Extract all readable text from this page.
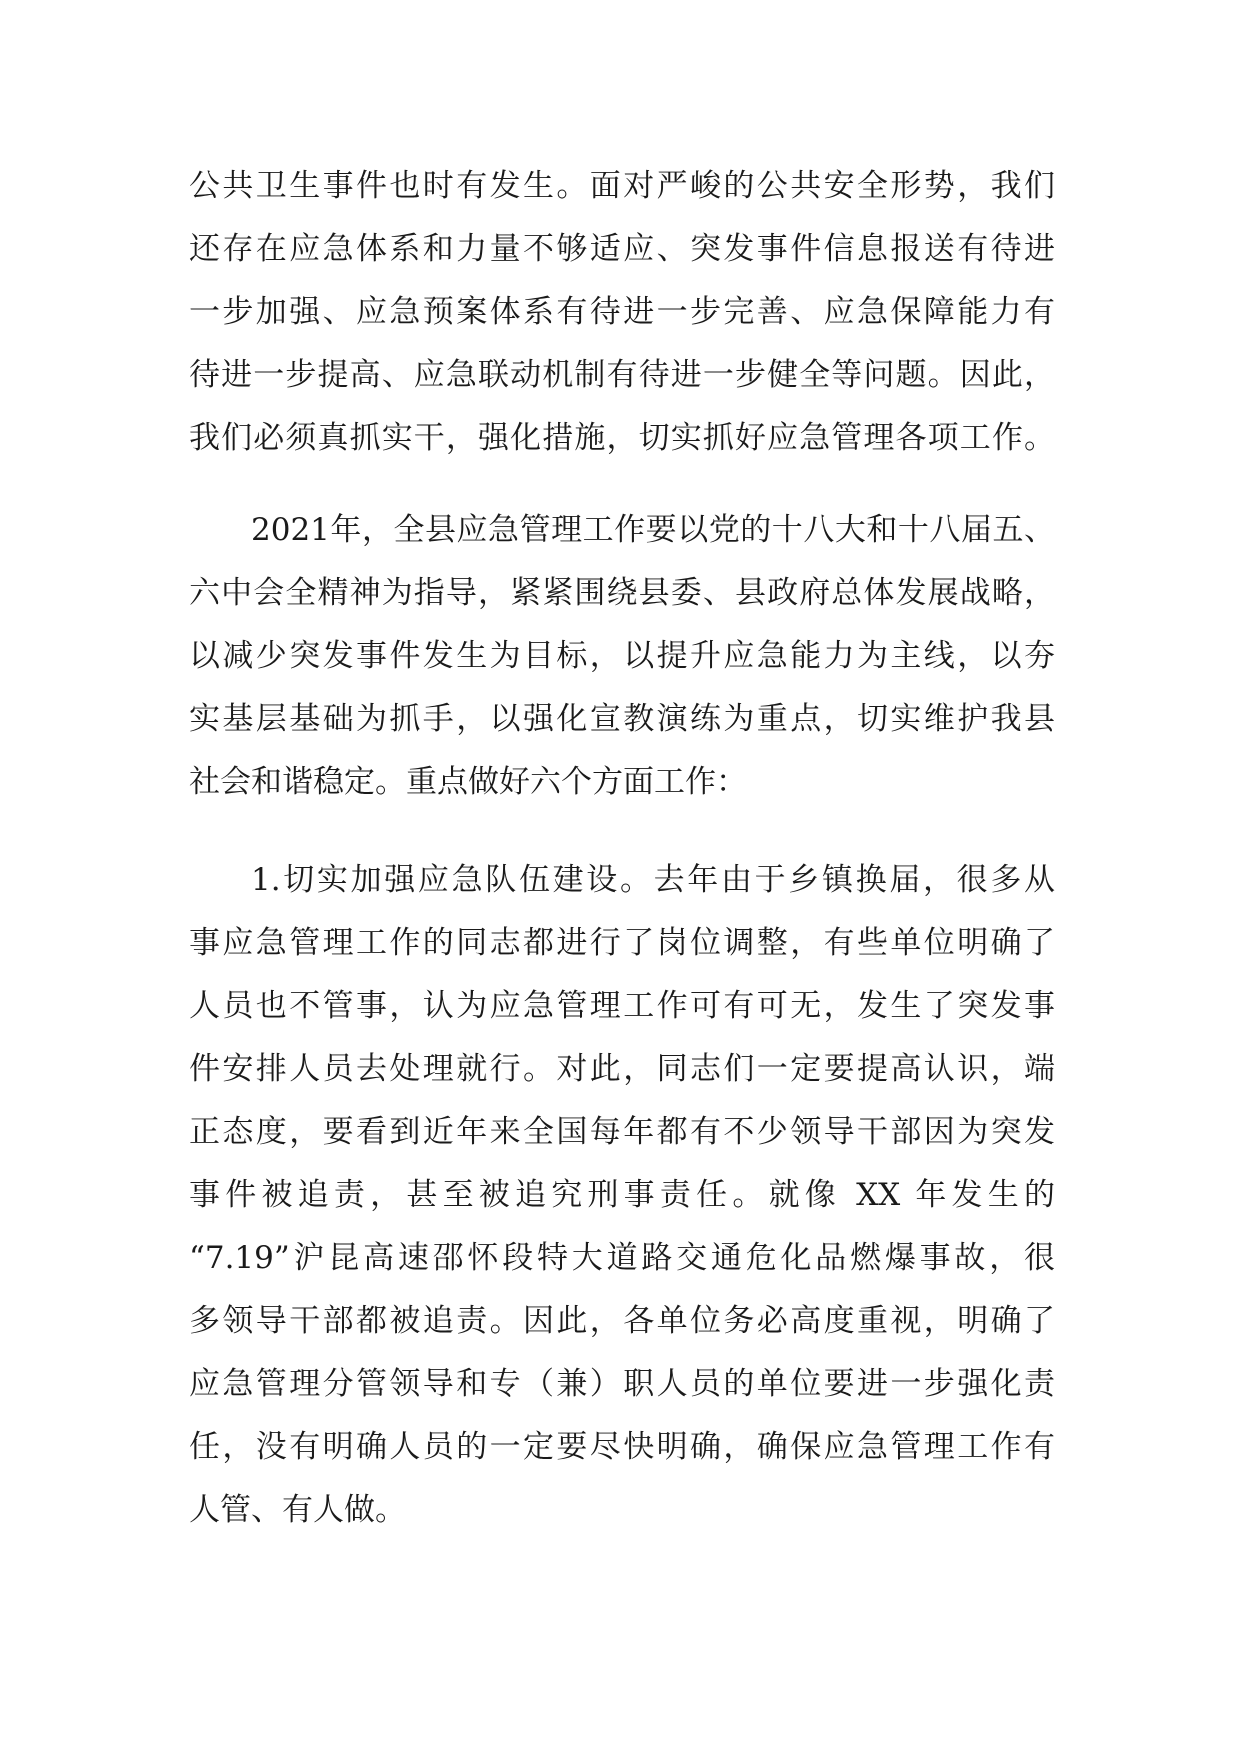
公共卫生事件也时有发生。面对严峻的公共安全形势，我们
还存在应急体系和力量不够适应、突发事件信息报送有待进
一步加强、应急预案体系有待进一步完善、应急保障能力有
待进一步提高、应急联动机制有待进一步健全等问题。因此，
我们必须真抓实干，强化措施，切实抓好应急管理各项工作。
2021年，全县应急管理工作要以党的十八大和十八届五、
六中会全精神为指导，紧紧围绕县委、县政府总体发展战略，
以减少突发事件发生为目标，以提升应急能力为主线，以夯
实基层基础为抓手，以强化宣教演练为重点，切实维护我县
社会和谐稳定。重点做好六个方面工作：
1.切实加强应急队伍建设。去年由于乡镇换届，很多从
事应急管理工作的同志都进行了岗位调整，有些单位明确了
人员也不管事，认为应急管理工作可有可无，发生了突发事
件安排人员去处理就行。对此，同志们一定要提高认识，端
正态度，要看到近年来全国每年都有不少领导干部因为突发
事件被追责，甚至被追究刑事责任。就像 XX 年发生的
“7.19”沪昆高速邵怀段特大道路交通危化品燃爆事故，很
多领导干部都被追责。因此，各单位务必高度重视，明确了
应急管理分管领导和专（兼）职人员的单位要进一步强化责
任，没有明确人员的一定要尽快明确，确保应急管理工作有
人管、有人做。
